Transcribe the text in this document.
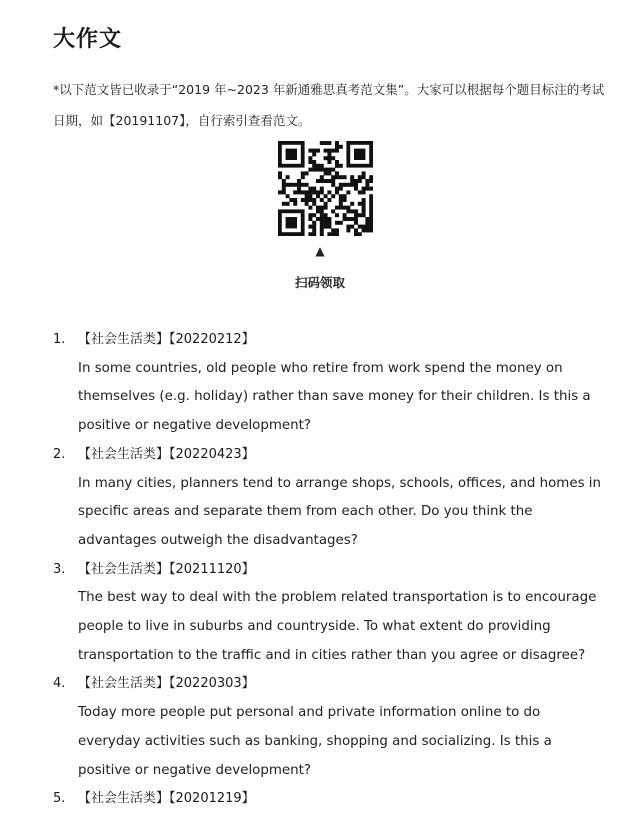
大作文

*以下范文皆已收录于“2019 年~2023 年新通雅思真考范文集”。大家可以根据每个题目标注的考试日期，如【20191107】，自行索引查看范文。

▲
扫码领取
1. 【社会生活类】【20220212】
In some countries, old people who retire from work spend the money on themselves (e.g. holiday) rather than save money for their children. Is this a positive or negative development?
2. 【社会生活类】【20220423】
In many cities, planners tend to arrange shops, schools, offices, and homes in specific areas and separate them from each other. Do you think the advantages outweigh the disadvantages?
3. 【社会生活类】【20211120】
The best way to deal with the problem related transportation is to encourage people to live in suburbs and countryside. To what extent do providing transportation to the traffic and in cities rather than you agree or disagree?
4. 【社会生活类】【20220303】
Today more people put personal and private information online to do everyday activities such as banking, shopping and socializing. Is this a positive or negative development?
5. 【社会生活类】【20201219】
